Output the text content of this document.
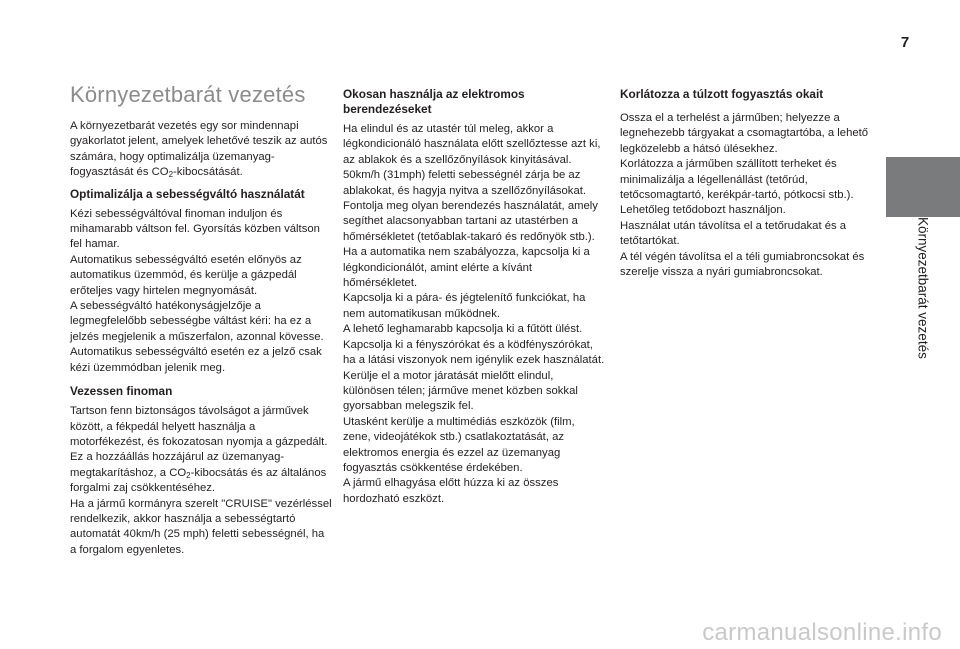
7
Környezetbarát vezetés
Környezetbarát vezetés
A környezetbarát vezetés egy sor mindennapi gyakorlatot jelent, amelyek lehetővé teszik az autós számára, hogy optimalizálja üzemanyag-fogyasztását és $CO_2$-kibocsátását.
Optimalizálja a sebességváltó használatát
Kézi sebességváltóval finoman induljon és mihamarabb váltson fel. Gyorsítás közben váltson fel hamar.
Automatikus sebességváltó esetén előnyös az automatikus üzemmód, és kerülje a gázpedál erőteljes vagy hirtelen megnyomását.
A sebességváltó hatékonyságjelzője a legmegfelelőbb sebességbe váltást kéri: ha ez a jelzés megjelenik a műszerfalon, azonnal kövesse.
Automatikus sebességváltó esetén ez a jelző csak kézi üzemmódban jelenik meg.
Vezessen finoman
Tartson fenn biztonságos távolságot a járművek között, a fékpedál helyett használja a motorfékezést, és fokozatosan nyomja a gázpedált. Ez a hozzáállás hozzájárul az üzemanyag-megtakarításhoz, a $CO_2$-kibocsátás és az általános forgalmi zaj csökkentéséhez.
Ha a jármű kormányra szerelt "CRUISE" vezérléssel rendelkezik, akkor használja a sebességtartó automatát 40km/h (25 mph) feletti sebességnél, ha a forgalom egyenletes.
Okosan használja az elektromos berendezéseket
Ha elindul és az utastér túl meleg, akkor a légkondicionáló használata előtt szellőztesse azt ki, az ablakok és a szellőzőnyílások kinyitásával.
50km/h (31mph) feletti sebességnél zárja be az ablakokat, és hagyja nyitva a szellőzőnyílásokat.
Fontolja meg olyan berendezés használatát, amely segíthet alacsonyabban tartani az utastérben a hőmérsékletet (tetőablak-takaró és redőnyök stb.).
Ha a automatika nem szabályozza, kapcsolja ki a légkondicionálót, amint elérte a kívánt hőmérsékletet.
Kapcsolja ki a pára- és jégtelenítő funkciókat, ha nem automatikusan működnek.
A lehető leghamarabb kapcsolja ki a fűtött ülést.
Kapcsolja ki a fényszórókat és a ködfényszórókat, ha a látási viszonyok nem igénylik ezek használatát.
Kerülje el a motor járatását mielőtt elindul, különösen télen; járműve menet közben sokkal gyorsabban melegszik fel.
Utasként kerülje a multimédiás eszközök (film, zene, videojátékok stb.) csatlakoztatását, az elektromos energia és ezzel az üzemanyag fogyasztás csökkentése érdekében.
A jármű elhagyása előtt húzza ki az összes hordozható eszközt.
Korlátozza a túlzott fogyasztás okait
Ossza el a terhelést a járműben; helyezze a legnehezebb tárgyakat a csomagtartóba, a lehető legközelebb a hátsó ülésekhez.
Korlátozza a járműben szállított terheket és minimalizálja a légellenállást (tetőrúd, tetőcsomagtartó, kerékpár-tartó, pótkocsi stb.). Lehetőleg tetődobozt használjon.
Használat után távolítsa el a tetőrudakat és a tetőtartókat.
A tél végén távolítsa el a téli gumiabroncsokat és szerelje vissza a nyári gumiabroncsokat.
carmanualsonline.info
